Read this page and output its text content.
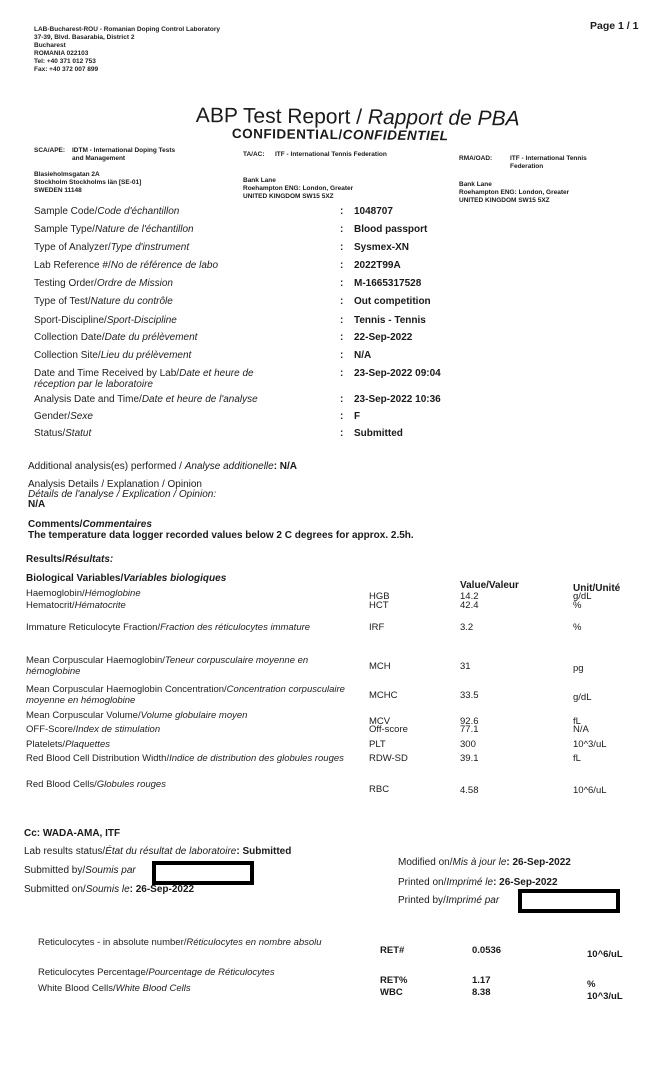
LAB-Bucharest-ROU - Romanian Doping Control Laboratory
37-39, Blvd. Basarabia, District 2
Bucharest
ROMANIA 022103
Tel: +40 371 012 753
Fax: +40 372 007 899
Page 1 / 1
ABP Test Report / Rapport de PBA
CONFIDENTIAL/CONFIDENTIEL
SCA/APE: IDTM - International Doping Tests
and Management
TA/AC: ITF - International Tennis Federation
RMA/OAD:	ITF - International Tennis
Federation
Blasieholmsgatan 2A
Stockholm Stockholms län [SE-01]
SWEDEN 11148
Bank Lane
Roehampton ENG: London, Greater
UNITED KINGDOM SW15 5XZ
Bank Lane
Roehampton ENG: London, Greater
UNITED KINGDOM SW15 5XZ
Sample Code/Code d'échantillon	: 1048707
Sample Type/Nature de l'échantillon	: Blood passport
Type of Analyzer/Type d'instrument	: Sysmex-XN
Lab Reference #/No de référence de labo	: 2022T99A
Testing Order/Ordre de Mission	: M-1665317528
Type of Test/Nature du contrôle	: Out competition
Sport-Discipline/Sport-Discipline	: Tennis - Tennis
Collection Date/Date du prélèvement	: 22-Sep-2022
Collection Site/Lieu du prélèvement	: N/A
Date and Time Received by Lab/Date et heure de réception par le laboratoire
: 23-Sep-2022 09:04
Analysis Date and Time/Date et heure de l'analyse	: 23-Sep-2022 10:36
Gender/Sexe	: F
Status/Statut	: Submitted
Additional analysis(es) performed / Analyse additionelle: N/A
Analysis Details / Explanation / Opinion
Détails de l'analyse / Explication / Opinion:
N/A
Comments/Commentaires
The temperature data logger recorded values below 2 C degrees for approx. 2.5h.
Results/Résultats:
Biological Variables/Variables biologiques
Value/Valeur	Unit/Unité
Haemoglobin/Hémoglobine	HGB	14.2	g/dL
Hematocrit/Hématocrite	HCT	42.4	%
Immature Reticulocyte Fraction/Fraction des réticulocytes immature	IRF	3.2	%
Mean Corpuscular Haemoglobin/Teneur corpusculaire moyenne en hémoglobine	MCH	31	pg
Mean Corpuscular Haemoglobin Concentration/Concentration corpusculaire moyenne en hémoglobine	MCHC	33.5	g/dL
Mean Corpuscular Volume/Volume globulaire moyen
MCV	92.6	fL
OFF-Score/Index de stimulation	Off-score	77.1	N/A
Platelets/Plaquettes	PLT	300	10^3/uL
Red Blood Cell Distribution Width/Indice de distribution des globules rouges	RDW-SD	39.1	fL
Red Blood Cells/Globules rouges	RBC	4.58	10^6/uL
Cc: WADA-AMA, ITF
Lab results status/État du résultat de laboratoire: Submitted
Submitted by/Soumis par
Submitted on/Soumis le: 26-Sep-2022
Modified on/Mis à jour le: 26-Sep-2022
Printed on/Imprimé le: 26-Sep-2022
Printed by/Imprimé par
Reticulocytes - in absolute number/Réticulocytes en nombre absolu
RET#	0.0536	10^6/uL
Reticulocytes Percentage/Pourcentage de Réticulocytes
RET%	1.17	%
White Blood Cells/White Blood Cells	WBC	8.38	10^3/uL
